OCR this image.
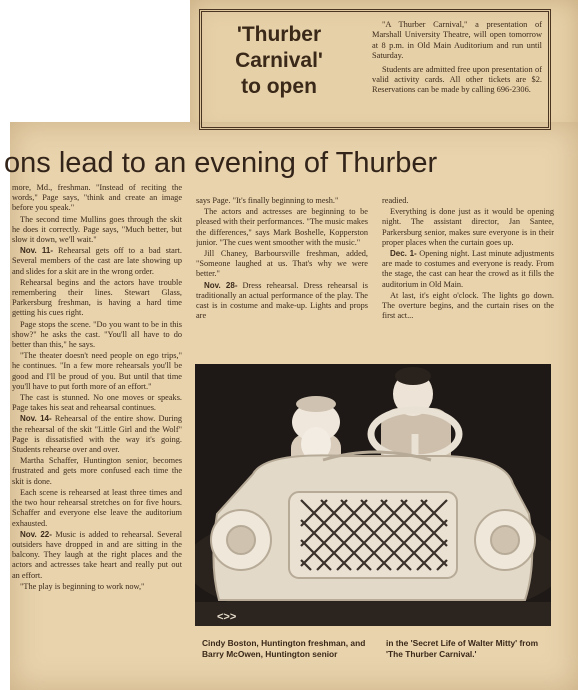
'Thurber
Carnival'
to open

"A Thurber Carnival," a presentation of Marshall University Theatre, will open tomorrow at 8 p.m. in Old Main Auditorium and run until Saturday.

Students are admitted free upon presentation of valid activity cards. All other tickets are $2. Reservations can be made by calling 696-2306.

ons lead to an evening of Thurber

more, Md., freshman. "Instead of reciting the words," Page says, "think and create an image before you speak."

The second time Mullins goes through the skit he does it correctly. Page says, "Much better, but slow it down, we'll wait."

Nov. 11- Rehearsal gets off to a bad start. Several members of the cast are late showing up and slides for a skit are in the wrong order.

Rehearsal begins and the actors have trouble remembering their lines. Stewart Glass, Parkersburg freshman, is having a hard time getting his cues right.

Page stops the scene. "Do you want to be in this show?" he asks the cast. "You'll all have to do better than this," he says.

"The theater doesn't need people on ego trips," he continues. "In a few more rehearsals you'll be good and I'll be proud of you. But until that time you'll have to put forth more of an effort."

The cast is stunned. No one moves or speaks. Page takes his seat and rehearsal continues.

Nov. 14- Rehearsal of the entire show. During the rehearsal of the skit "Little Girl and the Wolf" Page is dissatisfied with the way it's going. Students rehearse over and over.

Martha Schaffer, Huntington senior, becomes frustrated and gets more confused each time the skit is done.

Each scene is rehearsed at least three times and the two hour rehearsal stretches on for five hours. Schaffer and everyone else leave the auditorium exhausted.

Nov. 22- Music is added to rehearsal. Several outsiders have dropped in and are sitting in the balcony. They laugh at the right places and the actors and actresses take heart and really put out an effort.

"The play is beginning to work now,"

says Page. "It's finally beginning to mesh."

The actors and actresses are beginning to be pleased with their performances. "The music makes the differences," says Mark Boshelle, Kopperston junior. "The cues went smoother with the music."

Jill Chaney, Barboursville freshman, added, "Someone laughed at us. That's why we were better."

Nov. 28- Dress rehearsal. Dress rehearsal is traditionally an actual performance of the play. The cast is in costume and make-up. Lights and props are

readied.

Everything is done just as it would be opening night. The assistant director, Jan Santee, Parkersburg senior, makes sure everyone is in their proper places when the curtain goes up.

Dec. 1- Opening night. Last minute adjustments are made to costumes and everyone is ready. From the stage, the cast can hear the crowd as it fills the auditorium in Old Main.

At last, it's eight o'clock. The lights go down. The overture begins, and the curtain rises on the first act...

<>>
Cindy Boston, Huntington freshman, and Barry McOwen, Huntington senior
in the 'Secret Life of Walter Mitty' from 'The Thurber Carnival.'
